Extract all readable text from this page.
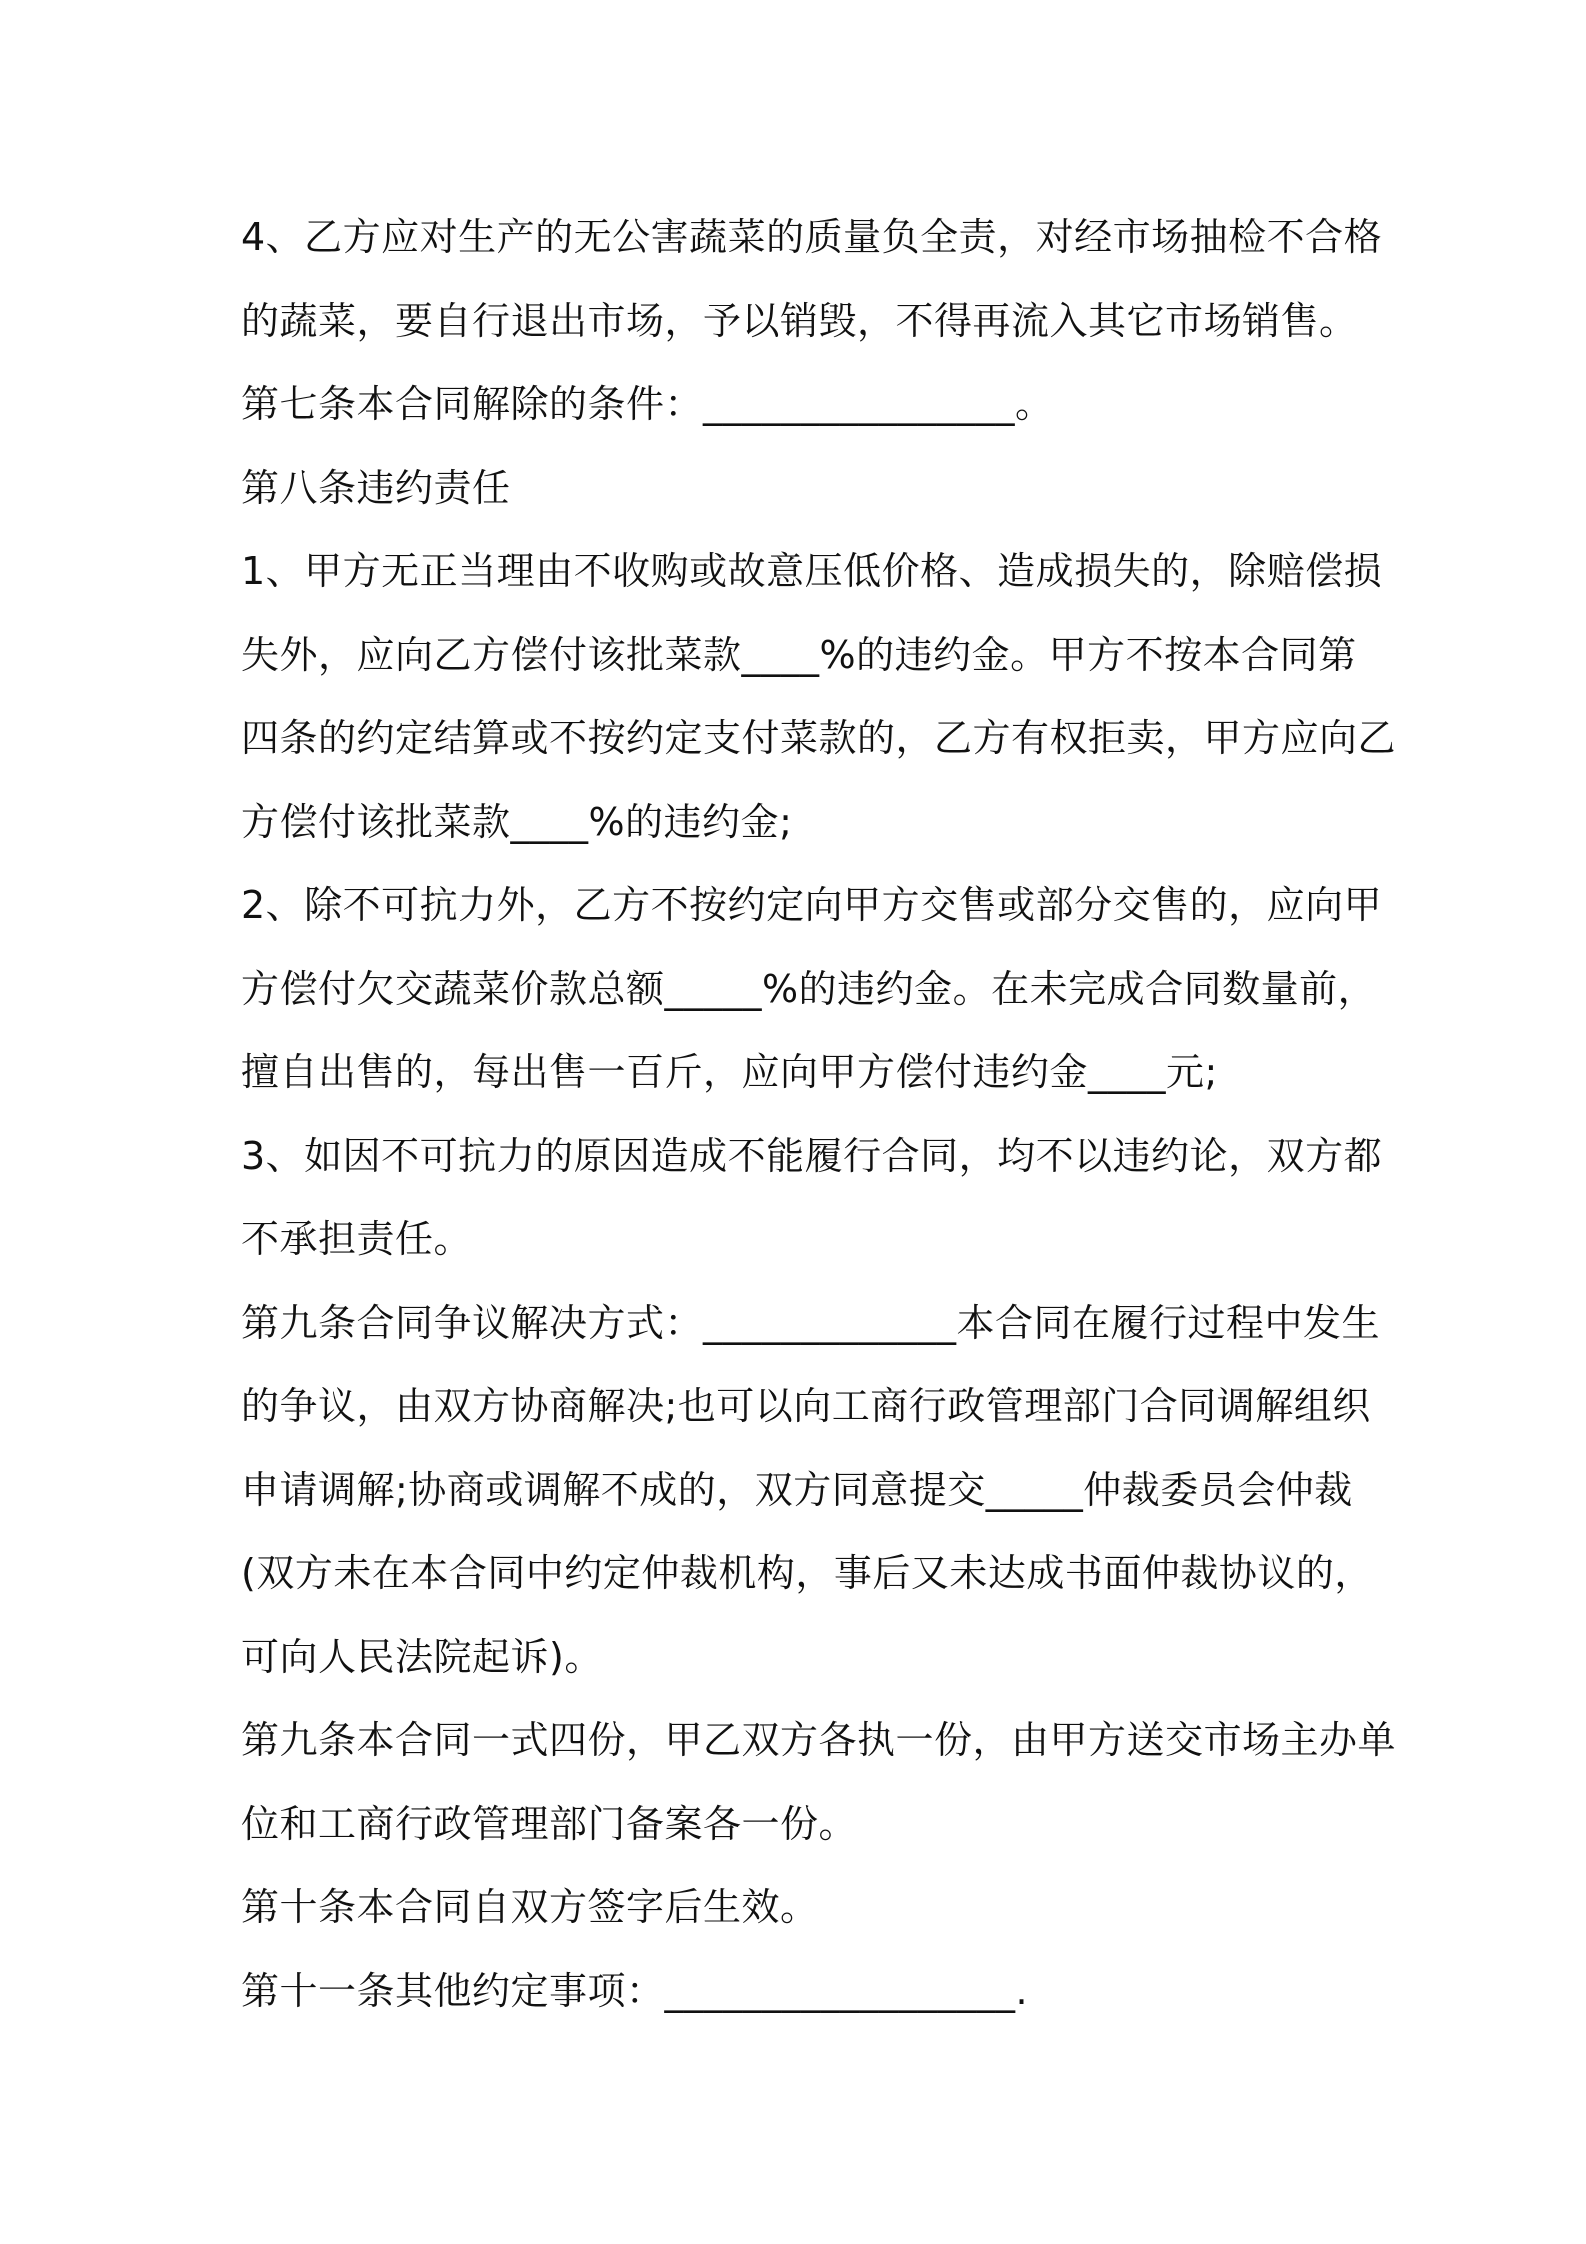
4、乙方应对生产的无公害蔬菜的质量负全责，对经市场抽检不合格
的蔬菜，要自行退出市场，予以销毁，不得再流入其它市场销售。
第七条本合同解除的条件：________________。
第八条违约责任
1、甲方无正当理由不收购或故意压低价格、造成损失的，除赔偿损
失外，应向乙方偿付该批菜款____%的违约金。甲方不按本合同第
四条的约定结算或不按约定支付菜款的，乙方有权拒卖，甲方应向乙
方偿付该批菜款____%的违约金;
2、除不可抗力外，乙方不按约定向甲方交售或部分交售的，应向甲
方偿付欠交蔬菜价款总额_____%的违约金。在未完成合同数量前，
擅自出售的，每出售一百斤，应向甲方偿付违约金____元;
3、如因不可抗力的原因造成不能履行合同，均不以违约论，双方都
不承担责任。
第九条合同争议解决方式：_____________本合同在履行过程中发生
的争议，由双方协商解决;也可以向工商行政管理部门合同调解组织
申请调解;协商或调解不成的，双方同意提交_____仲裁委员会仲裁
(双方未在本合同中约定仲裁机构，事后又未达成书面仲裁协议的，
可向人民法院起诉)。
第九条本合同一式四份，甲乙双方各执一份，由甲方送交市场主办单
位和工商行政管理部门备案各一份。
第十条本合同自双方签字后生效。
第十一条其他约定事项：__________________.
